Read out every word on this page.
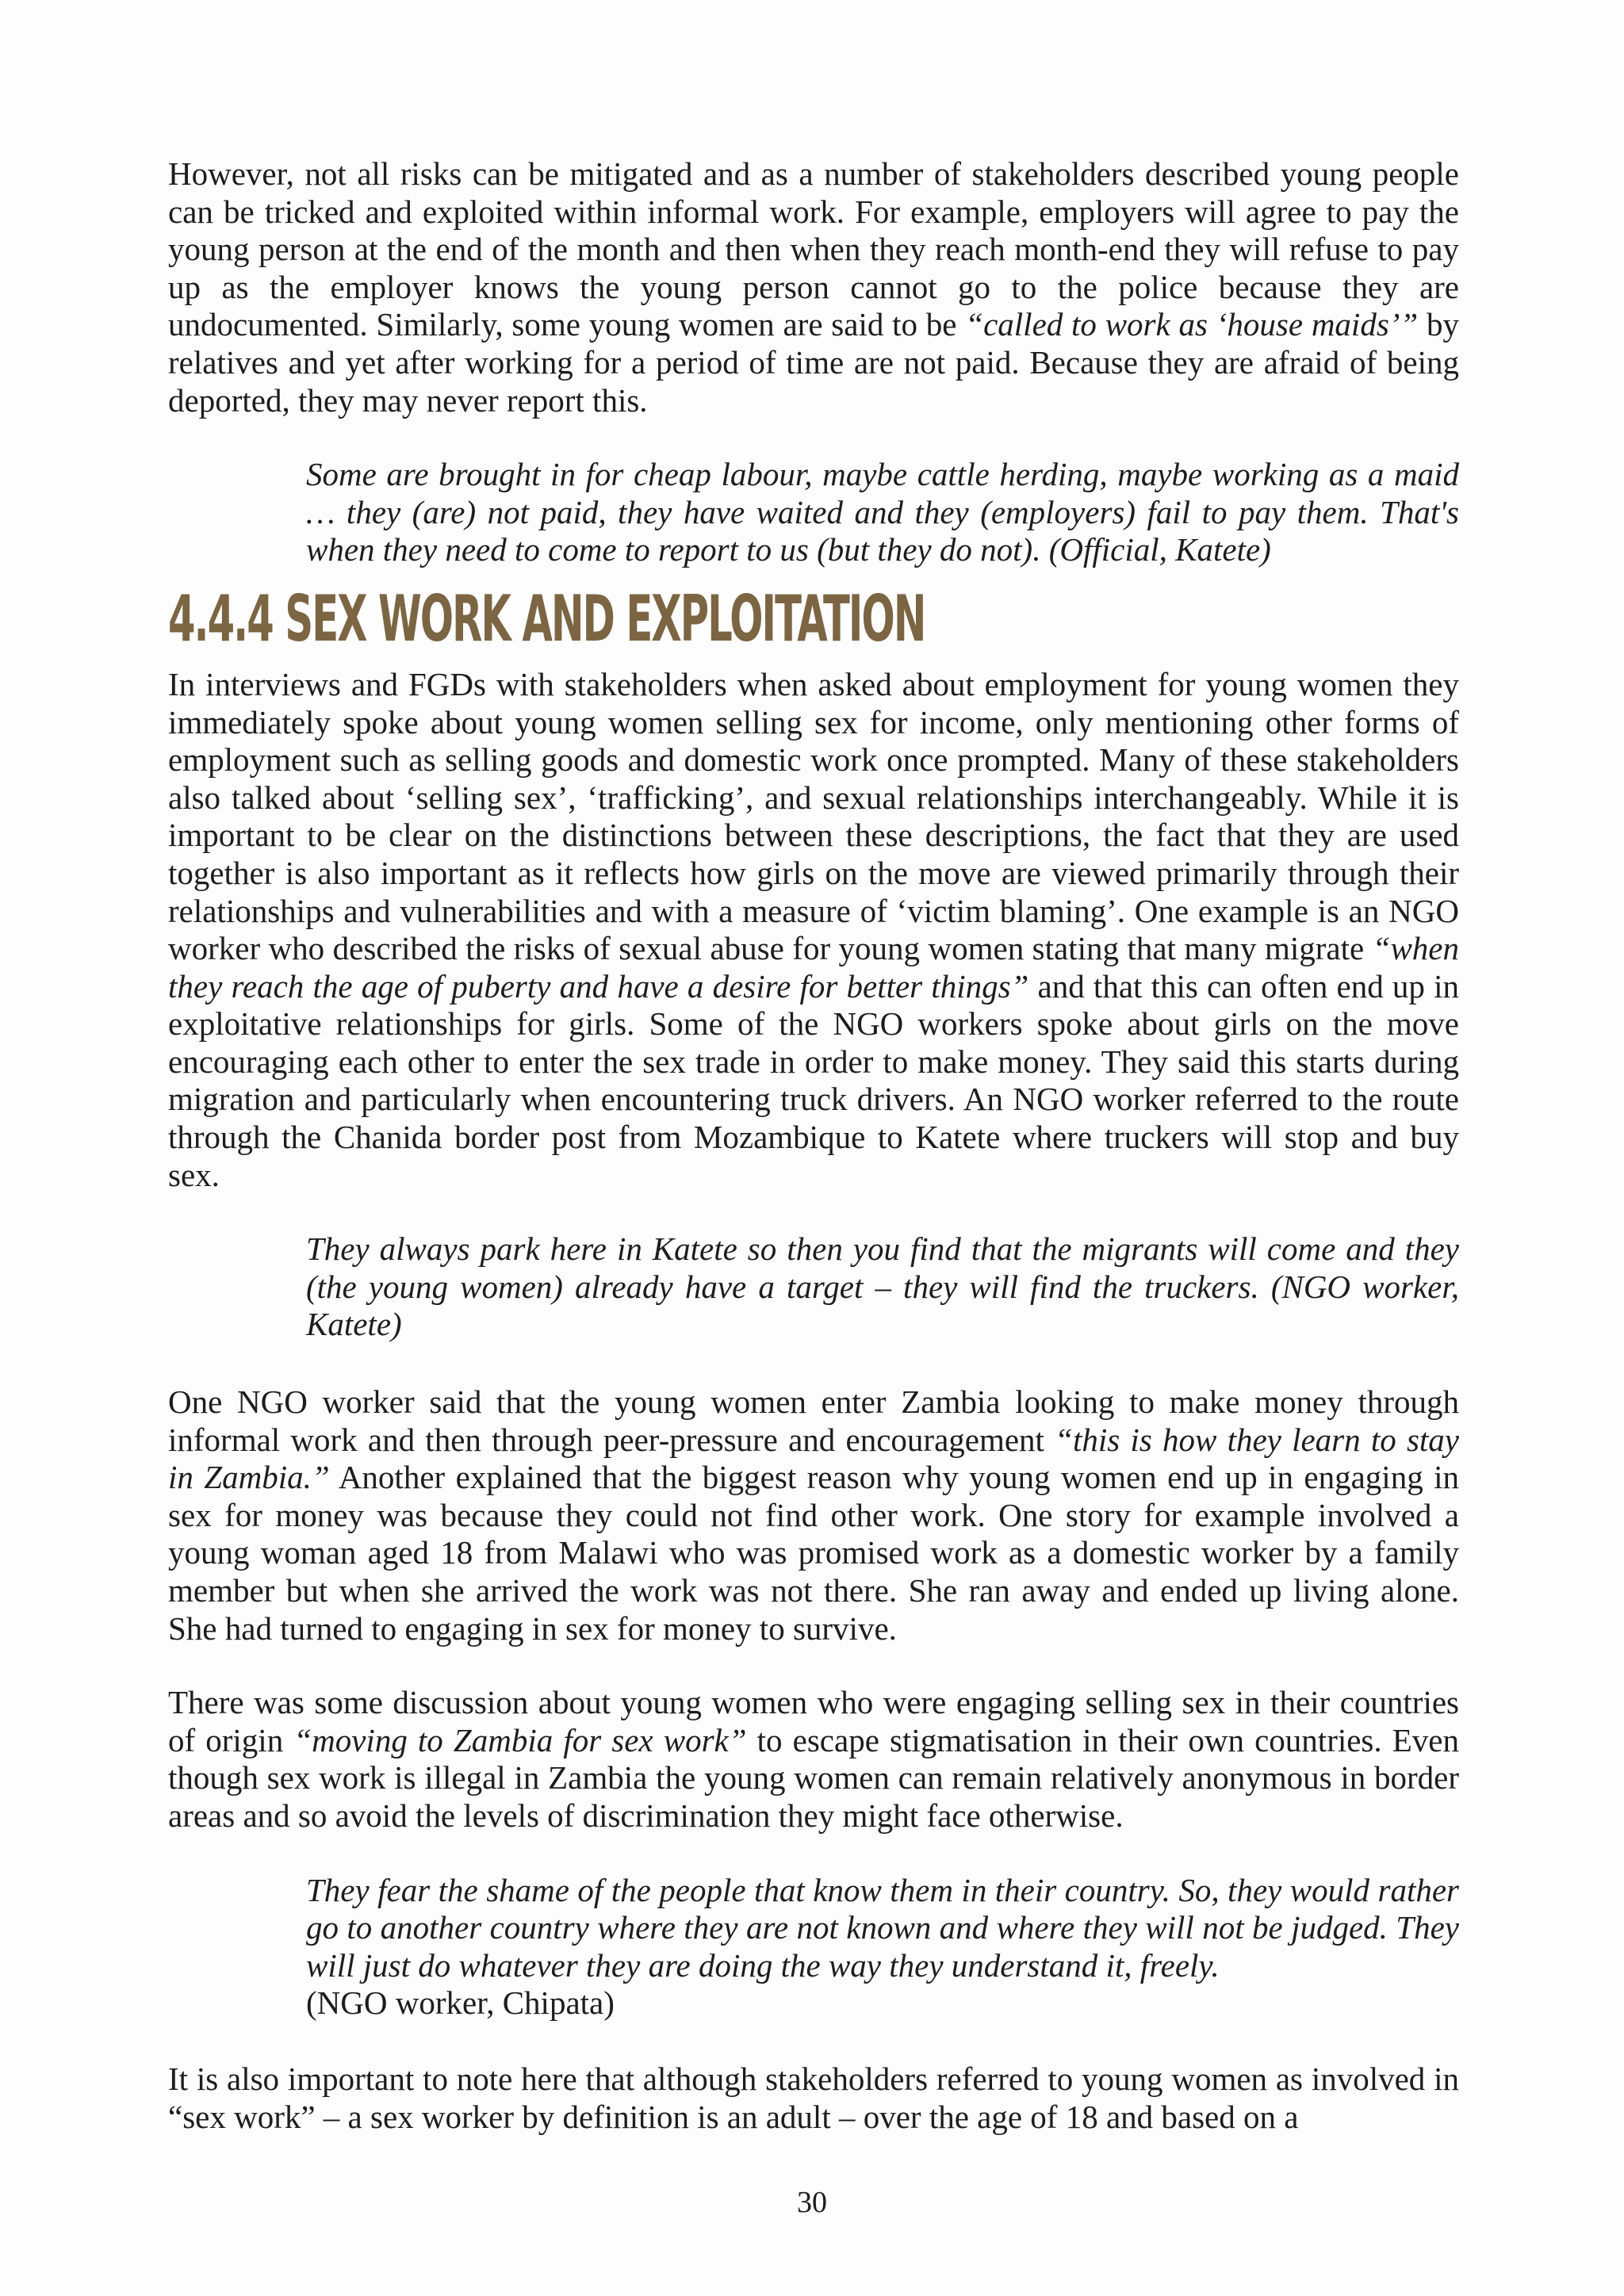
However, not all risks can be mitigated and as a number of stakeholders described young people can be tricked and exploited within informal work. For example, employers will agree to pay the young person at the end of the month and then when they reach month-end they will refuse to pay up as the employer knows the young person cannot go to the police because they are undocumented. Similarly, some young women are said to be “called to work as ‘house maids’” by relatives and yet after working for a period of time are not paid. Because they are afraid of being deported, they may never report this.

Some are brought in for cheap labour, maybe cattle herding, maybe working as a maid … they (are) not paid, they have waited and they (employers) fail to pay them. That's when they need to come to report to us (but they do not). (Official, Katete)

4.4.4 SEX WORK AND EXPLOITATION

In interviews and FGDs with stakeholders when asked about employment for young women they immediately spoke about young women selling sex for income, only mentioning other forms of employment such as selling goods and domestic work once prompted. Many of these stakeholders also talked about ‘selling sex’, ‘trafficking’, and sexual relationships interchangeably. While it is important to be clear on the distinctions between these descriptions, the fact that they are used together is also important as it reflects how girls on the move are viewed primarily through their relationships and vulnerabilities and with a measure of ‘victim blaming’. One example is an NGO worker who described the risks of sexual abuse for young women stating that many migrate “when they reach the age of puberty and have a desire for better things” and that this can often end up in exploitative relationships for girls. Some of the NGO workers spoke about girls on the move encouraging each other to enter the sex trade in order to make money. They said this starts during migration and particularly when encountering truck drivers. An NGO worker referred to the route through the Chanida border post from Mozambique to Katete where truckers will stop and buy sex.

They always park here in Katete so then you find that the migrants will come and they (the young women) already have a target – they will find the truckers. (NGO worker, Katete)

One NGO worker said that the young women enter Zambia looking to make money through informal work and then through peer-pressure and encouragement “this is how they learn to stay in Zambia.” Another explained that the biggest reason why young women end up in engaging in sex for money was because they could not find other work. One story for example involved a young woman aged 18 from Malawi who was promised work as a domestic worker by a family member but when she arrived the work was not there. She ran away and ended up living alone. She had turned to engaging in sex for money to survive.

There was some discussion about young women who were engaging selling sex in their countries of origin “moving to Zambia for sex work” to escape stigmatisation in their own countries. Even though sex work is illegal in Zambia the young women can remain relatively anonymous in border areas and so avoid the levels of discrimination they might face otherwise.

They fear the shame of the people that know them in their country. So, they would rather go to another country where they are not known and where they will not be judged. They will just do whatever they are doing the way they understand it, freely.
(NGO worker, Chipata)

It is also important to note here that although stakeholders referred to young women as involved in “sex work” – a sex worker by definition is an adult – over the age of 18 and based on a

30
